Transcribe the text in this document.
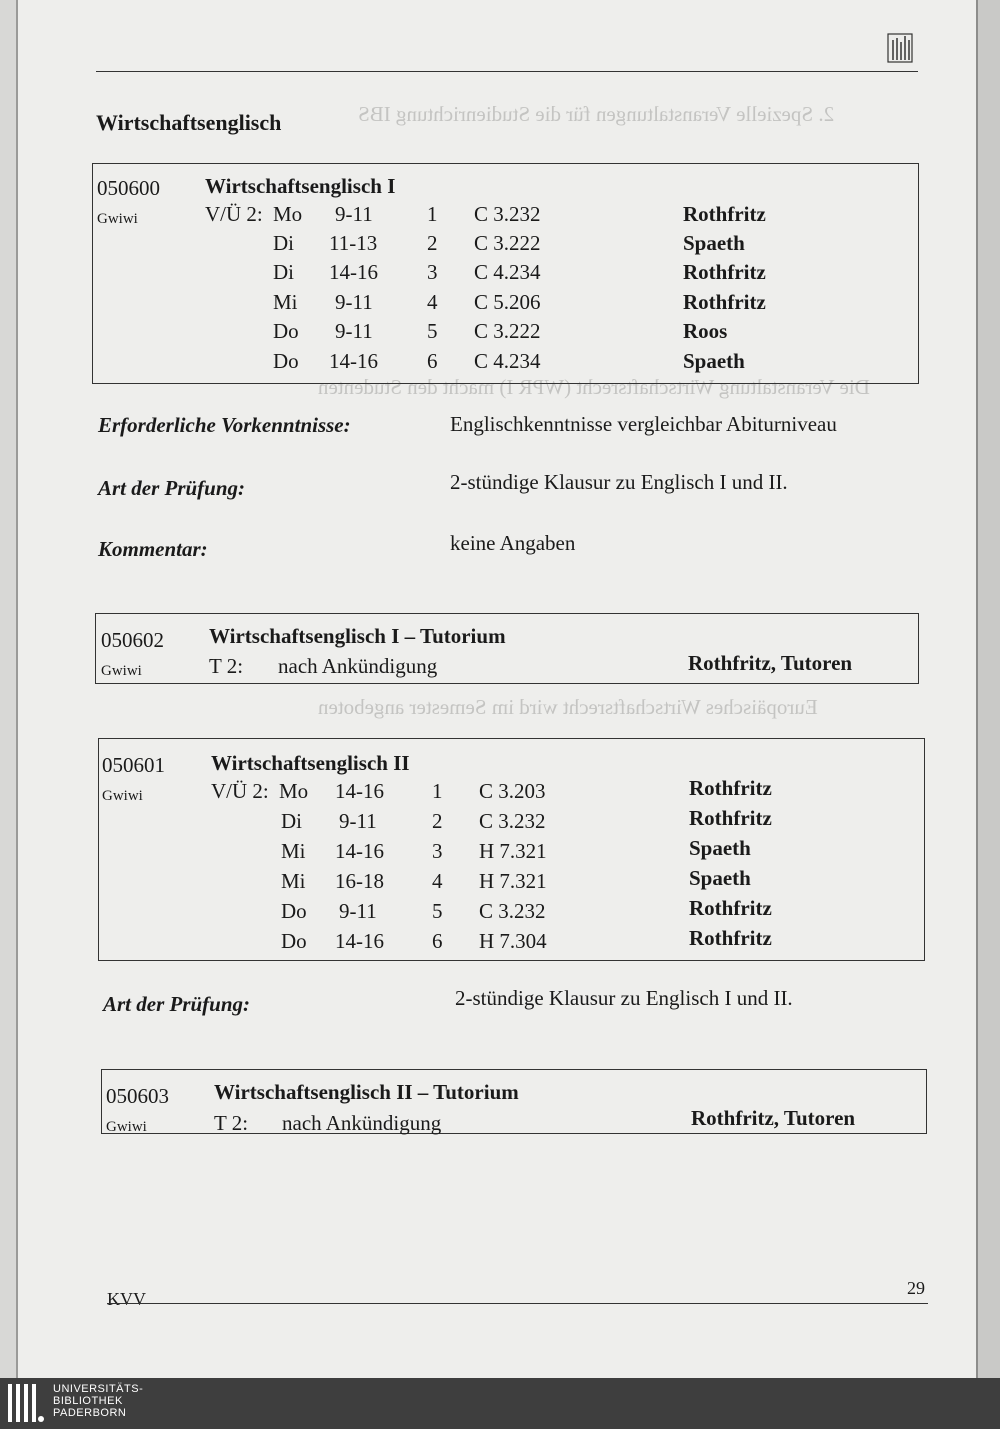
2. Spezielle Veranstaltungen für die Studienrichtung IBS
Die Veranstaltung Wirtschaftsrecht (WPR I) macht den Studenten
Europäisches Wirtschaftsrecht wird im Semester angeboten
Wirtschaftsenglisch
050600
Gwiwi
Wirtschaftsenglisch I
V/Ü 2: Mo 9-11	1 C 3.232	Rothfritz
Di 11-13 2 C 3.222	Spaeth
Di 14-16 3 C 4.234	Rothfritz
Mi 9-11	4 C 5.206	Rothfritz
Do 9-11	5 C 3.222	Roos
Do 14-16 6 C 4.234	Spaeth
Erforderliche Vorkenntnisse:	Englischkenntnisse vergleichbar Abiturniveau
Art der Prüfung:	2-stündige Klausur zu Englisch I und II.
Kommentar:	keine Angaben
050602
Gwiwi
Wirtschaftsenglisch I – Tutorium
T 2: nach Ankündigung	Rothfritz, Tutoren
050601
Gwiwi
Wirtschaftsenglisch II
V/Ü 2: Mo 14-16 1 C 3.203	Rothfritz
Di 9-11	2 C 3.232	Rothfritz
Mi 14-16 3 H 7.321	Spaeth
Mi 16-18 4 H 7.321	Spaeth
Do 9-11	5 C 3.232	Rothfritz
Do 14-16 6 H 7.304	Rothfritz
Art der Prüfung:	2-stündige Klausur zu Englisch I und II.
050603
Gwiwi
Wirtschaftsenglisch II – Tutorium
T 2: nach Ankündigung	Rothfritz, Tutoren
KVV
29
UNIVERSITÄTS-
BIBLIOTHEK
PADERBORN
